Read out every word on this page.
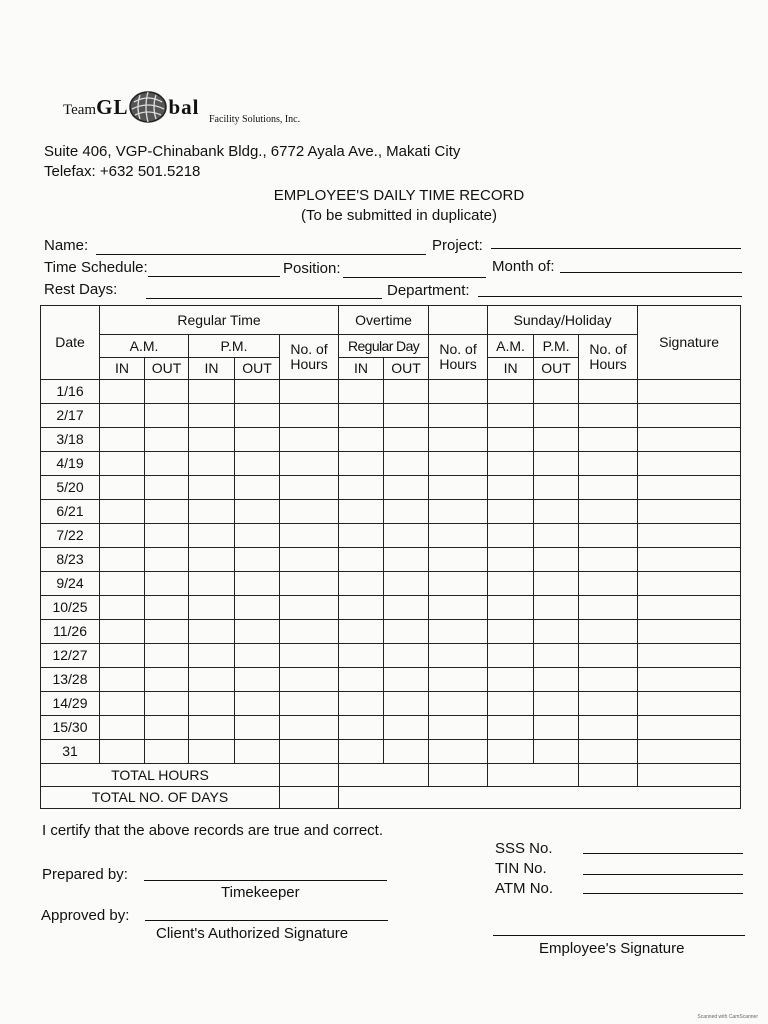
TeamGL bal
Facility Solutions, Inc.
Suite 406, VGP-Chinabank Bldg., 6772 Ayala Ave., Makati City
Telefax: +632 501.5218
EMPLOYEE'S DAILY TIME RECORD
(To be submitted in duplicate)
Name:	Project:
Time Schedule:	Position:	Month of:
Rest Days:	Department:
Date	Regular Time					Overtime			Sunday/Holiday			Signature
	A.M.		P.M.		No. of Hours	Regular Day		No. of Hours	A.M.	P.M.	No. of Hours	
	IN	OUT	IN	OUT		IN	OUT		IN	OUT		
1/16												
2/17												
3/18												
4/19												
5/20												
6/21												
7/22												
8/23												
9/24												
10/25												
11/26												
12/27												
13/28												
14/29												
15/30												
31												
TOTAL HOURS												
TOTAL NO. OF DAYS												
I certify that the above records are true and correct.
Prepared by:
Timekeeper
Approved by:
Client's Authorized Signature
SSS No.
TIN No.
ATM No.
Employee's Signature
Scanned with CamScanner
